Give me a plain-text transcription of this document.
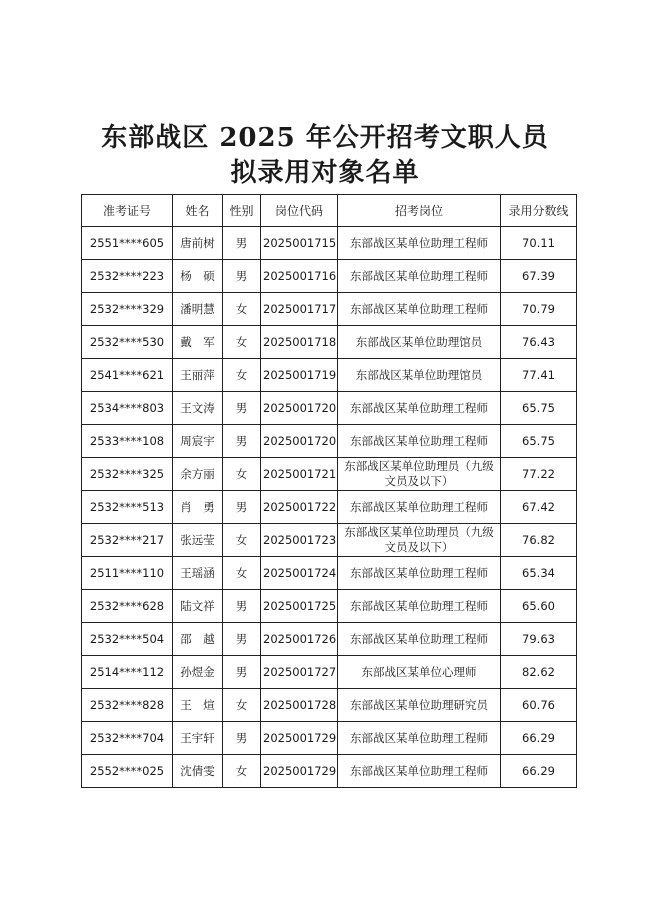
东部战区 2025 年公开招考文职人员
拟录用对象名单
准考证号	姓名	性别	岗位代码	招考岗位	录用分数线
2551****605	唐前树	男	2025001715	东部战区某单位助理工程师	70.11
2532****223	杨　硕	男	2025001716	东部战区某单位助理工程师	67.39
2532****329	潘明慧	女	2025001717	东部战区某单位助理工程师	70.79
2532****530	戴　军	女	2025001718	东部战区某单位助理馆员	76.43
2541****621	王丽萍	女	2025001719	东部战区某单位助理馆员	77.41
2534****803	王文涛	男	2025001720	东部战区某单位助理工程师	65.75
2533****108	周宸宇	男	2025001720	东部战区某单位助理工程师	65.75
2532****325	余方丽	女	2025001721	东部战区某单位助理员（九级文员及以下）	77.22
2532****513	肖　勇	男	2025001722	东部战区某单位助理工程师	67.42
2532****217	张远莹	女	2025001723	东部战区某单位助理员（九级文员及以下）	76.82
2511****110	王瑶涵	女	2025001724	东部战区某单位助理工程师	65.34
2532****628	陆文祥	男	2025001725	东部战区某单位助理工程师	65.60
2532****504	邵　越	男	2025001726	东部战区某单位助理工程师	79.63
2514****112	孙煜金	男	2025001727	东部战区某单位心理师	82.62
2532****828	王　煊	女	2025001728	东部战区某单位助理研究员	60.76
2532****704	王宇轩	男	2025001729	东部战区某单位助理工程师	66.29
2552****025	沈倩雯	女	2025001729	东部战区某单位助理工程师	66.29
